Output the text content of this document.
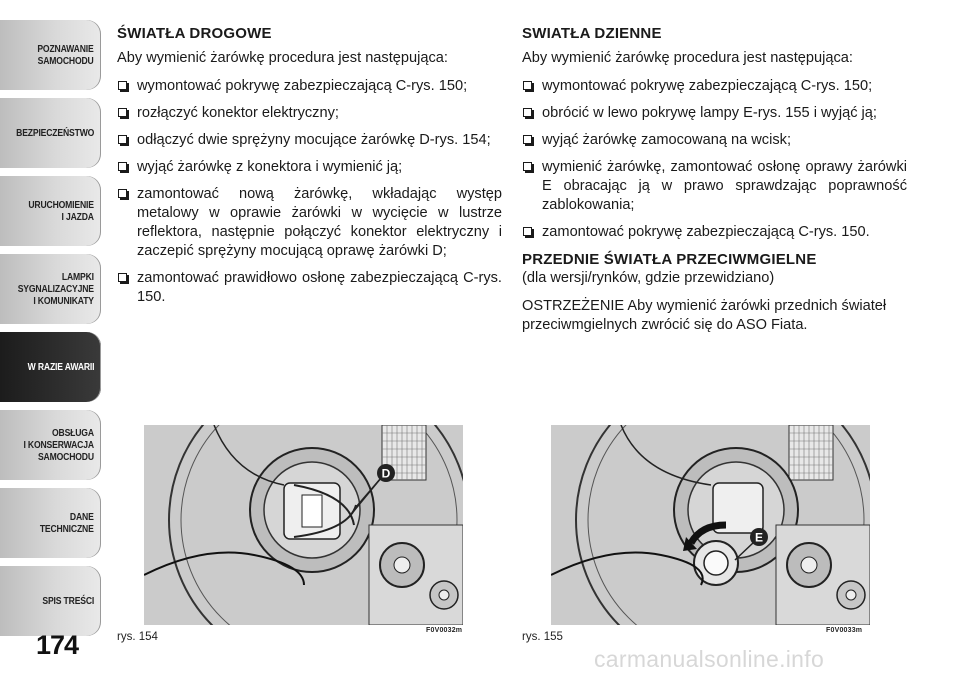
POZNAWANIE
SAMOCHODU
BEZPIECZEŃSTWO
URUCHOMIENIE
I JAZDA
LAMPKI
SYGNALIZACYJNE
I KOMUNIKATY
W RAZIE AWARII
OBSŁUGA
I KONSERWACJA
SAMOCHODU
DANE
TECHNICZNE
SPIS TREŚCI
174
ŚWIATŁA DROGOWE

Aby wymienić żarówkę procedura jest następująca:

wymontować pokrywę zabezpieczającą C-rys. 150;
rozłączyć konektor elektryczny;
odłączyć dwie sprężyny mocujące żarówkę D-rys. 154;
wyjąć żarówkę z konektora i wymienić ją;
zamontować nową żarówkę, wkładając występ metalowy w oprawie żarówki w wycięcie w lustrze reflektora, następnie połączyć konektor elektryczny i zaczepić sprężyny mocującą oprawę żarówki D;
zamontować prawidłowo osłonę zabezpieczającą C-rys. 150.
SWIATŁA DZIENNE

Aby wymienić żarówkę procedura jest następująca:

wymontować pokrywę zabezpieczającą C-rys. 150;
obrócić w lewo pokrywę lampy E-rys. 155 i wyjąć ją;
wyjąć żarówkę zamocowaną na wcisk;
wymienić żarówkę, zamontować osłonę oprawy żarówki E obracając ją w prawo sprawdzając poprawność zablokowania;
zamontować pokrywę zabezpieczającą C-rys. 150.
PRZEDNIE ŚWIATŁA PRZECIWMGIELNE

(dla wersji/rynków, gdzie przewidziano)

OSTRZEŻENIE Aby wymienić żarówki przednich świateł przeciwmgielnych zwrócić się do ASO Fiata.

D
rys. 154
F0V0032m
E
rys. 155
F0V0033m
carmanualsonline.info
